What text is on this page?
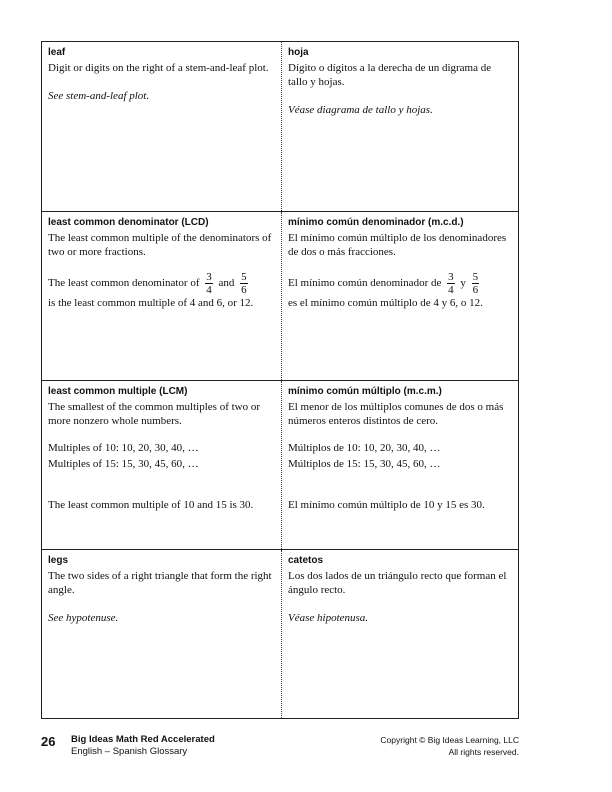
leaf

Digit or digits on the right of a stem-and-leaf plot.

See stem-and-leaf plot.

hoja

Dígito o dígitos a la derecha de un digrama de tallo y hojas.

Véase diagrama de tallo y hojas.

least common denominator (LCD)

The least common multiple of the denominators of two or more fractions.

The least common denominator of $\frac{3}{4}$ and $\frac{5}{6}$

is the least common multiple of 4 and 6, or 12.

mínimo común denominador (m.c.d.)

El mínimo común múltiplo de los denominadores de dos o más fracciones.

El mínimo común denominador de $\frac{3}{4}$ y $\frac{5}{6}$

es el mínimo común múltiplo de 4 y 6, o 12.

least common multiple (LCM)

The smallest of the common multiples of two or more nonzero whole numbers.

Multiples of 10: 10, 20, 30, 40, …

Multiples of 15: 15, 30, 45, 60, …

The least common multiple of 10 and 15 is 30.

mínimo común múltiplo (m.c.m.)

El menor de los múltiplos comunes de dos o más números enteros distintos de cero.

Múltiplos de 10: 10, 20, 30, 40, …

Múltiplos de 15: 15, 30, 45, 60, …

El mínimo común múltiplo de 10 y 15 es 30.

legs

The two sides of a right triangle that form the right angle.

See hypotenuse.

catetos

Los dos lados de un triángulo recto que forman el ángulo recto.

Véase hipotenusa.

26 Big Ideas Math Red Accelerated
English – Spanish Glossary
Copyright © Big Ideas Learning, LLC
All rights reserved.
